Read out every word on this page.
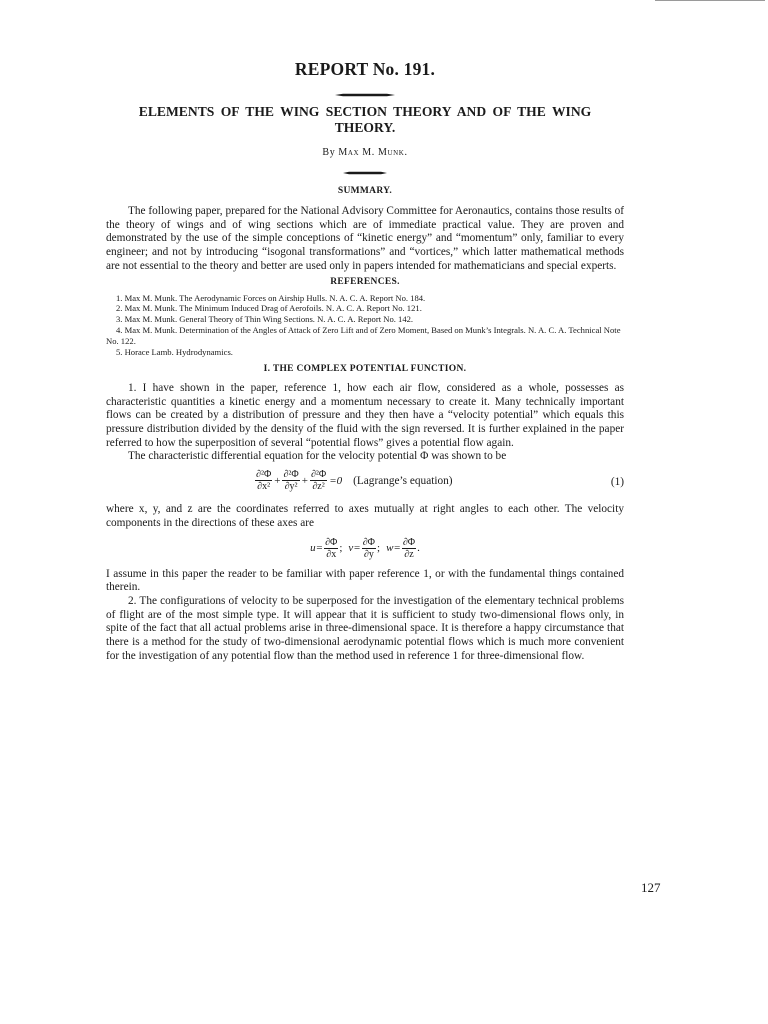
REPORT No. 191.
ELEMENTS OF THE WING SECTION THEORY AND OF THE WING THEORY.
By Max M. Munk.
SUMMARY.

The following paper, prepared for the National Advisory Committee for Aeronautics, contains those results of the theory of wings and of wing sections which are of immediate practical value. They are proven and demonstrated by the use of the simple conceptions of “kinetic energy” and “momentum” only, familiar to every engineer; and not by introducing “isogonal transformations” and “vortices,” which latter mathematical methods are not essential to the theory and better are used only in papers intended for mathematicians and special experts.

REFERENCES.
1. Max M. Munk. The Aerodynamic Forces on Airship Hulls. N. A. C. A. Report No. 184.
2. Max M. Munk. The Minimum Induced Drag of Aerofoils. N. A. C. A. Report No. 121.
3. Max M. Munk. General Theory of Thin Wing Sections. N. A. C. A. Report No. 142.
4. Max M. Munk. Determination of the Angles of Attack of Zero Lift and of Zero Moment, Based on Munk’s Integrals. N. A. C. A. Technical Note No. 122.
5. Horace Lamb. Hydrodynamics.
I. THE COMPLEX POTENTIAL FUNCTION.

1. I have shown in the paper, reference 1, how each air flow, considered as a whole, possesses as characteristic quantities a kinetic energy and a momentum necessary to create it. Many technically important flows can be created by a distribution of pressure and they then have a “velocity potential” which equals this pressure distribution divided by the density of the fluid with the sign reversed. It is further explained in the paper referred to how the superposition of several “potential flows” gives a potential flow again.

The characteristic differential equation for the velocity potential Φ was shown to be

$\frac{\text{∂²Φ}}{\text{∂x²}} + \frac{\text{∂²Φ}}{\text{∂y²}} + \frac{\text{∂²Φ}}{\text{∂z²}} =0$ (Lagrange’s equation)	(1)

where x, y, and z are the coordinates referred to axes mutually at right angles to each other. The velocity components in the directions of these axes are

$u= \frac{\partial\Phi}{\partial x}$ ; $v= \frac{\partial\Phi}{\partial y}$ ; $w= \frac{\partial\Phi}{\partial z}$ .

I assume in this paper the reader to be familiar with paper reference 1, or with the fundamental things contained therein.

2. The configurations of velocity to be superposed for the investigation of the elementary technical problems of flight are of the most simple type. It will appear that it is sufficient to study two-dimensional flows only, in spite of the fact that all actual problems arise in three-dimensional space. It is therefore a happy circumstance that there is a method for the study of two-dimensional aerodynamic potential flows which is much more convenient for the investigation of any potential flow than the method used in reference 1 for three-dimensional flow.

127
